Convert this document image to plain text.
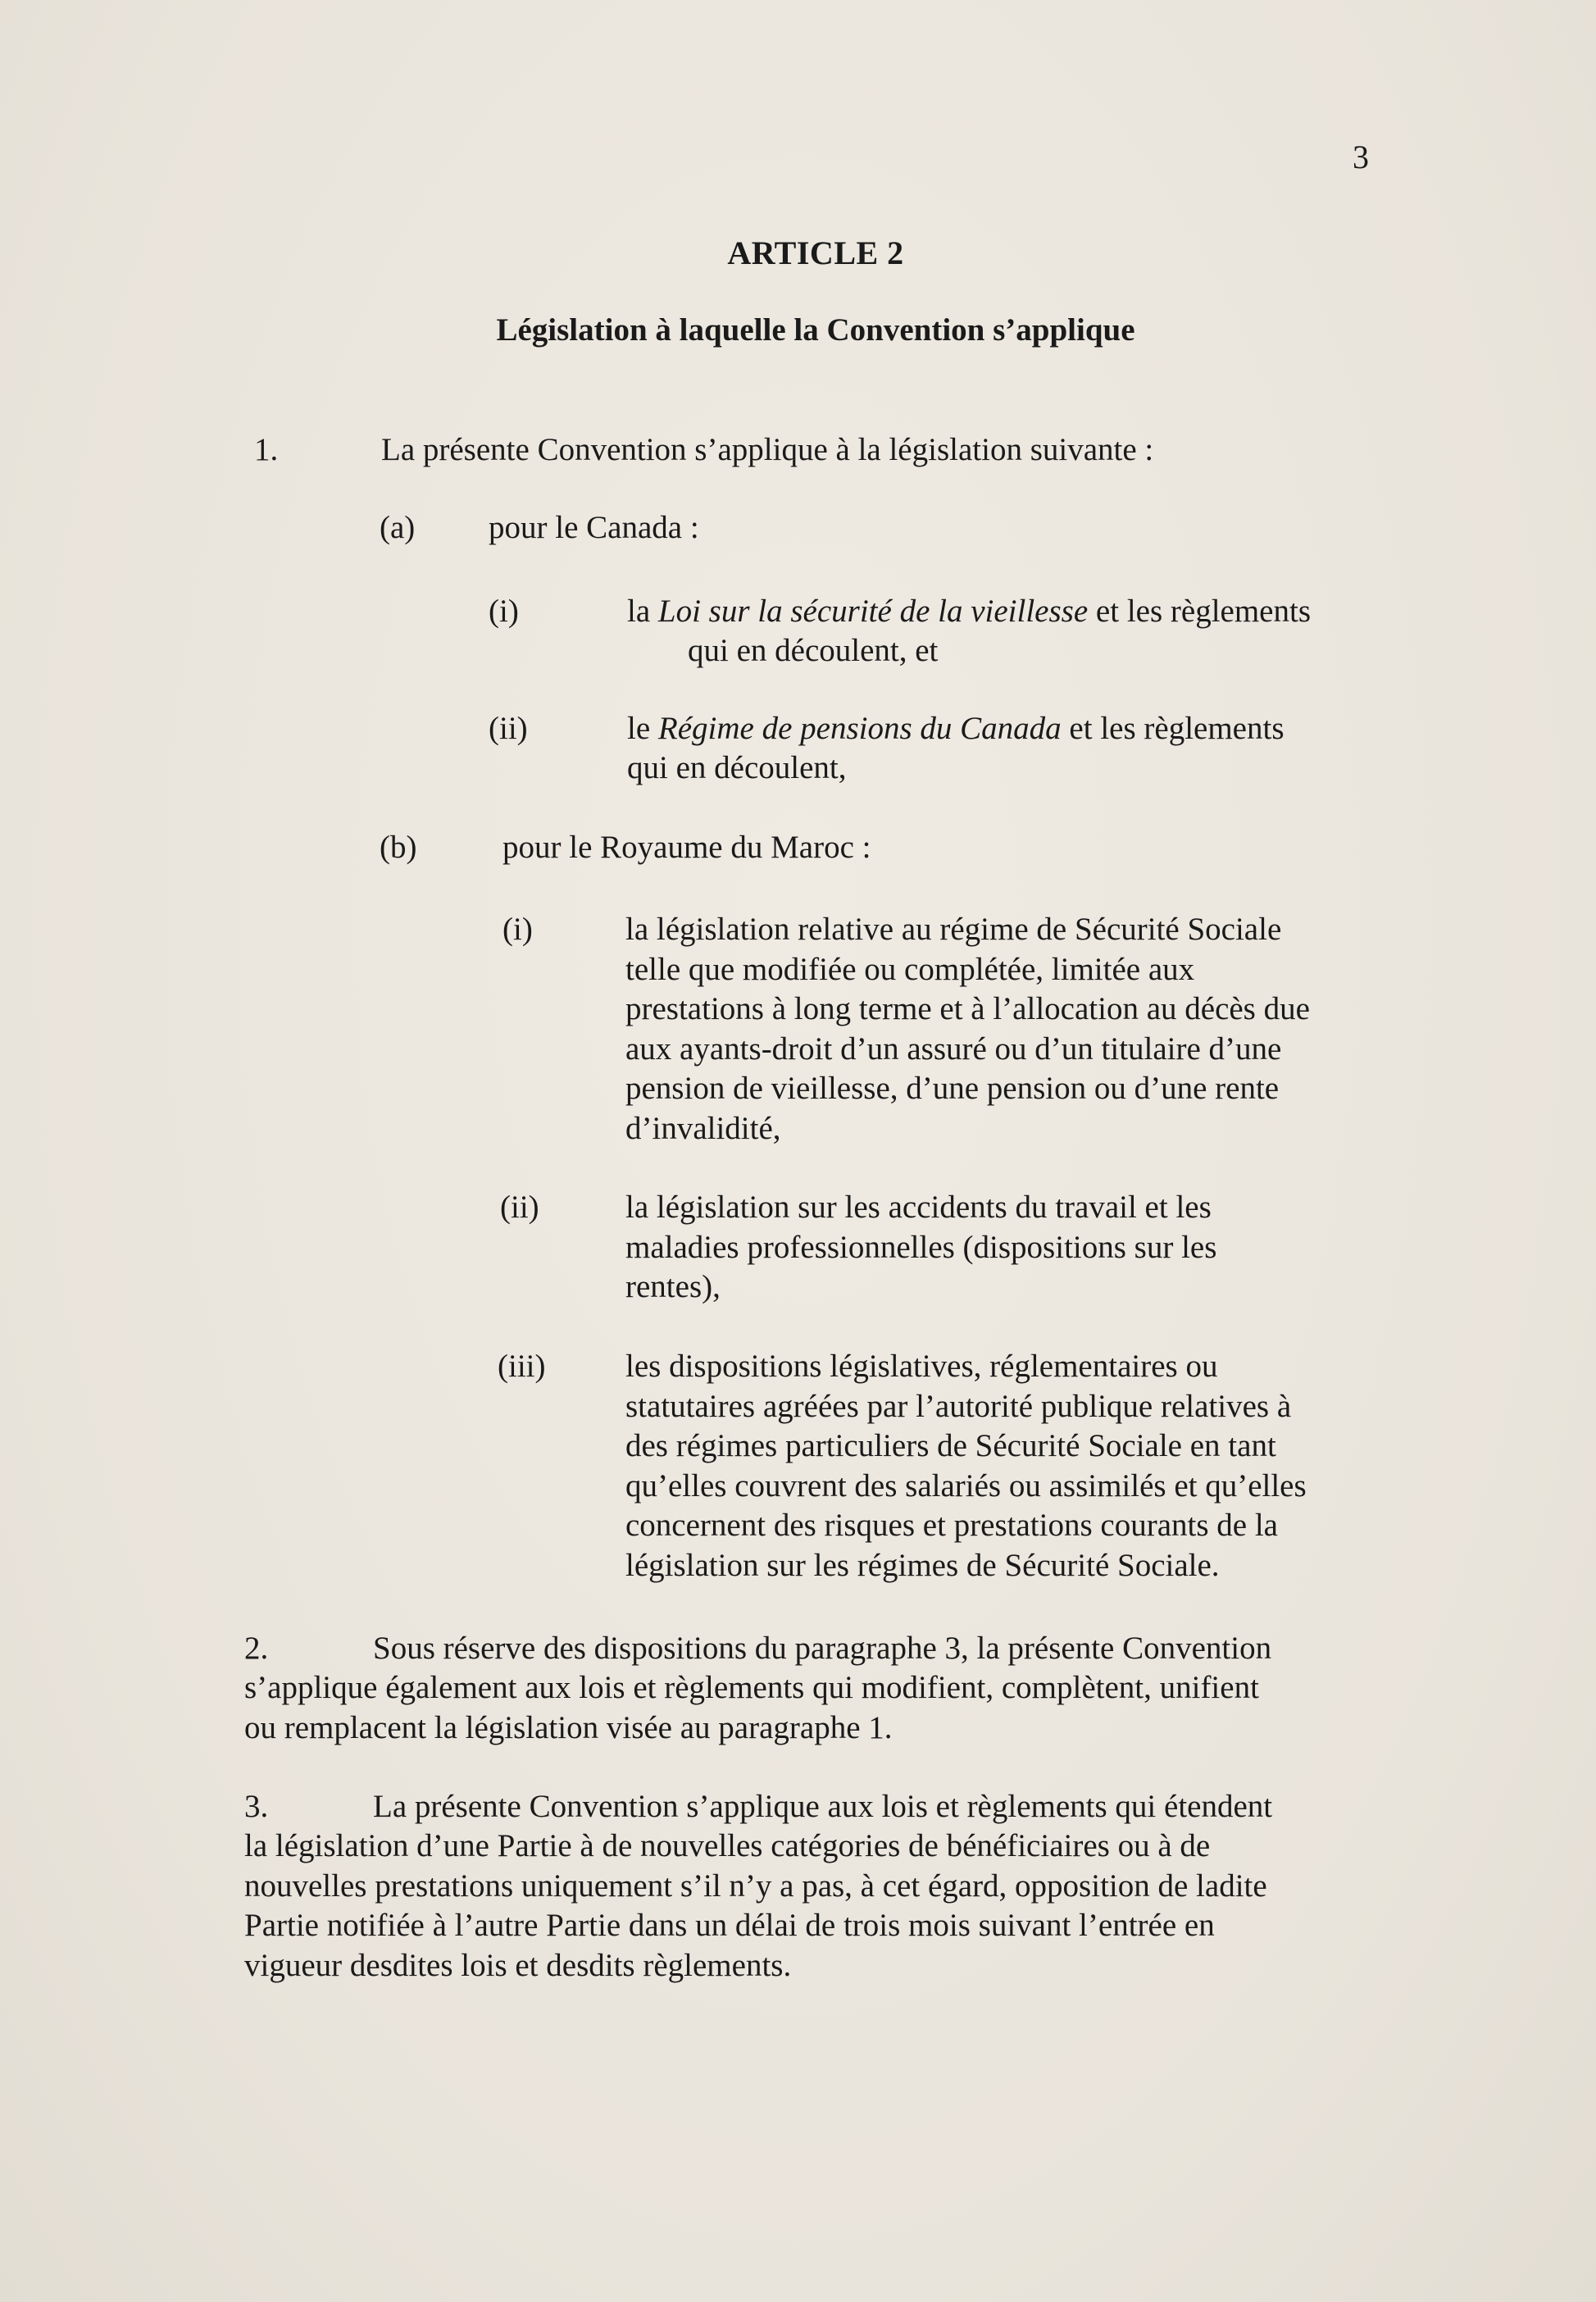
3
ARTICLE 2
Législation à laquelle la Convention s’applique
1.	La présente Convention s’applique à la législation suivante :
(a) pour le Canada :
(i)	la Loi sur la sécurité de la vieillesse et les règlements
qui en découlent, et
(ii)	le Régime de pensions du Canada et les règlements
qui en découlent,
(b)	pour le Royaume du Maroc :
(i)	la législation relative au régime de Sécurité Sociale
telle que modifiée ou complétée, limitée aux
prestations à long terme et à l’allocation au décès due
aux ayants-droit d’un assuré ou d’un titulaire d’une
pension de vieillesse, d’une pension ou d’une rente
d’invalidité,
(ii)	la législation sur les accidents du travail et les
maladies professionnelles (dispositions sur les
rentes),
(iii)	les dispositions législatives, réglementaires ou
statutaires agréées par l’autorité publique relatives à
des régimes particuliers de Sécurité Sociale en tant
qu’elles couvrent des salariés ou assimilés et qu’elles
concernent des risques et prestations courants de la
législation sur les régimes de Sécurité Sociale.
2.	Sous réserve des dispositions du paragraphe 3, la présente Convention
s’applique également aux lois et règlements qui modifient, complètent, unifient
ou remplacent la législation visée au paragraphe 1.
3.	La présente Convention s’applique aux lois et règlements qui étendent
la législation d’une Partie à de nouvelles catégories de bénéficiaires ou à de
nouvelles prestations uniquement s’il n’y a pas, à cet égard, opposition de ladite
Partie notifiée à l’autre Partie dans un délai de trois mois suivant l’entrée en
vigueur desdites lois et desdits règlements.
